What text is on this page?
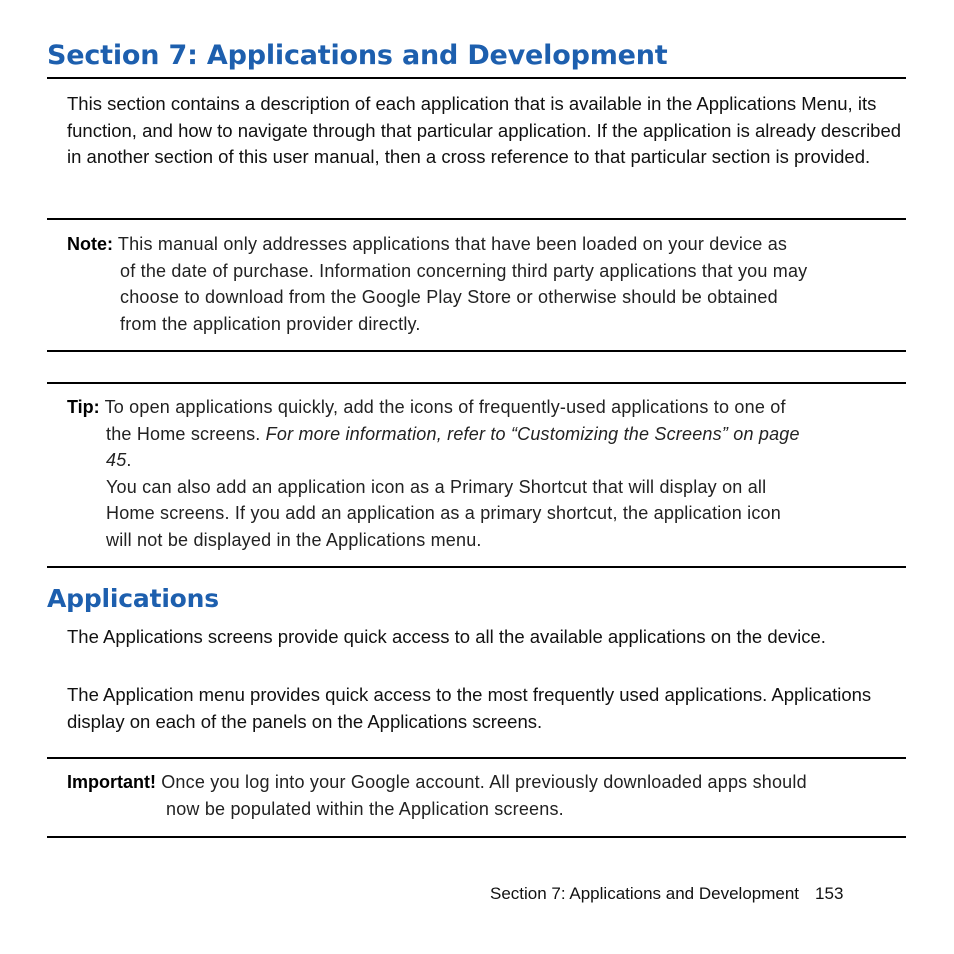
Section 7: Applications and Development

This section contains a description of each application that is available in the Applications Menu, its function, and how to navigate through that particular application. If the application is already described in another section of this user manual, then a cross reference to that particular section is provided.

Note: This manual only addresses applications that have been loaded on your device as
of the date of purchase. Information concerning third party applications that you may
choose to download from the Google Play Store or otherwise should be obtained
from the application provider directly.
Tip: To open applications quickly, add the icons of frequently-used applications to one of
the Home screens. For more information, refer to “Customizing the Screens” on page
45.
You can also add an application icon as a Primary Shortcut that will display on all
Home screens. If you add an application as a primary shortcut, the application icon
will not be displayed in the Applications menu.
Applications

The Applications screens provide quick access to all the available applications on the device.

The Application menu provides quick access to the most frequently used applications. Applications display on each of the panels on the Applications screens.

Important! Once you log into your Google account. All previously downloaded apps should
now be populated within the Application screens.
Section 7: Applications and Development 153
